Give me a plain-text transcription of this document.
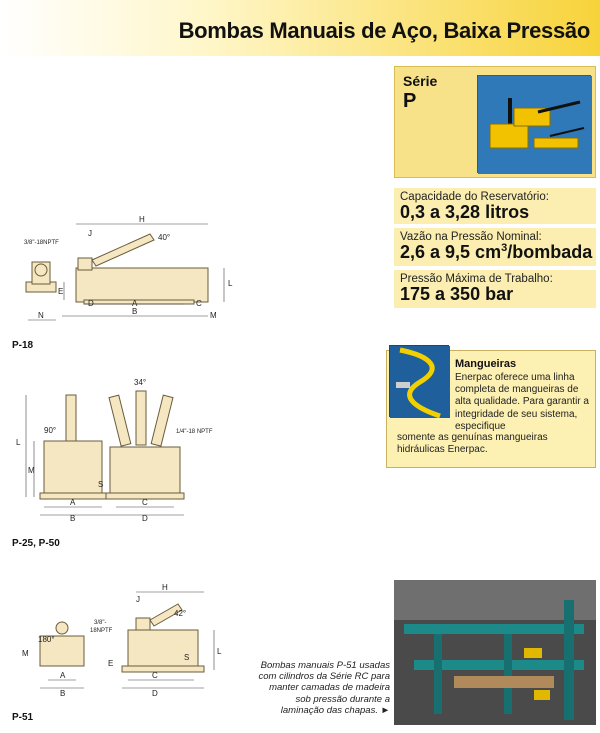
Bombas Manuais de Aço, Baixa Pressão
Série
P
Capacidade do Reservatório:
0,3 a 3,28 litros
Vazão na Pressão Nominal:
2,6 a 9,5 $cm^3$/bombada
Pressão Máxima de Trabalho:
175 a 350 bar
Mangueiras
Enerpac oferece uma linha completa de mangueiras de alta qualidade. Para garantir a integridade de seu sistema, especifique
somente as genuínas mangueiras hidráulicas Enerpac.
Bombas manuais P-51 usadas com cilindros da Série RC para manter camadas de madeira sob pressão durante a laminação das chapas. ►
P-18
P-25, P-50
P-51
H
B
A
D	C
M
L
E
N
J	40°
3/8"-18NPTF
A
B
C
D
L
M
S
34°
90°	1/4"-18 NPTF
A
B
C
D
H
J
L
M
E
S
180°
42°
3/8"-
18NPTF
